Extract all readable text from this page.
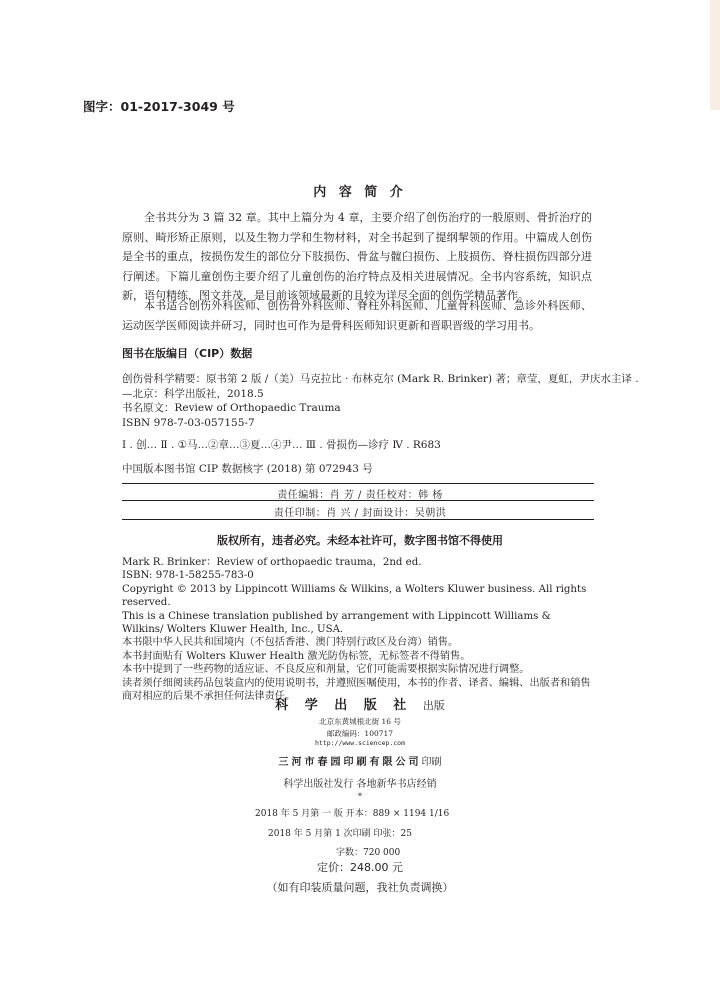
图字：01-2017-3049 号
内 容 简 介
全书共分为 3 篇 32 章。其中上篇分为 4 章，主要介绍了创伤治疗的一般原则、骨折治疗的原则、畸形矫正原则，以及生物力学和生物材料，对全书起到了提纲挈领的作用。中篇成人创伤是全书的重点，按损伤发生的部位分下肢损伤、骨盆与髋臼损伤、上肢损伤、脊柱损伤四部分进行阐述。下篇儿童创伤主要介绍了儿童创伤的治疗特点及相关进展情况。全书内容系统，知识点新，语句精练，图文并茂，是目前该领域最新的且较为详尽全面的创伤学精品著作。
本书适合创伤外科医师、创伤骨外科医师、脊柱外科医师、儿童骨科医师、急诊外科医师、运动医学医师阅读并研习，同时也可作为是骨科医师知识更新和晋职晋级的学习用书。
图书在版编目（CIP）数据
创伤骨科学精要：原书第 2 版 /（美）马克拉比 · 布林克尔 (Mark R. Brinker) 著；章莹，夏虹，尹庆水主译 .
—北京：科学出版社，2018.5
书名原文：Review of Orthopaedic Trauma
ISBN 978-7-03-057155-7
Ⅰ . 创… Ⅱ . ①马…②章…③夏…④尹… Ⅲ . 骨损伤—诊疗 Ⅳ . R683
中国版本图书馆 CIP 数据核字 (2018) 第 072943 号
责任编辑：肖 芳 / 责任校对：韩 杨
责任印制：肖 兴 / 封面设计：吴朝洪
版权所有，违者必究。未经本社许可，数字图书馆不得使用
Mark R. Brinker：Review of orthopaedic trauma，2nd ed.
ISBN: 978-1-58255-783-0
Copyright © 2013 by Lippincott Williams & Wilkins, a Wolters Kluwer business. All rights reserved.
This is a Chinese translation published by arrangement with Lippincott Williams & Wilkins/ Wolters Kluwer Health, Inc., USA.
本书限中华人民共和国境内（不包括香港、澳门特别行政区及台湾）销售。
本书封面贴有 Wolters Kluwer Health 激光防伪标签，无标签者不得销售。
本书中提到了一些药物的适应证、不良反应和剂量，它们可能需要根据实际情况进行调整。
读者须仔细阅读药品包装盒内的使用说明书，并遵照医嘱使用，本书的作者、译者、编辑、出版者和销售商对相应的后果不承担任何法律责任。
科 学 出 版 社 出版
北京东黄城根北街 16 号
邮政编码：100717
http://www.sciencep.com
三河市春园印刷有限公司印刷
科学出版社发行 各地新华书店经销
*
2018 年 5 月第 一 版 开本：889 × 1194 1/16
2018 年 5 月第 1 次印刷 印张：25
字数：720 000
定价：248.00 元
（如有印装质量问题，我社负责调换）
